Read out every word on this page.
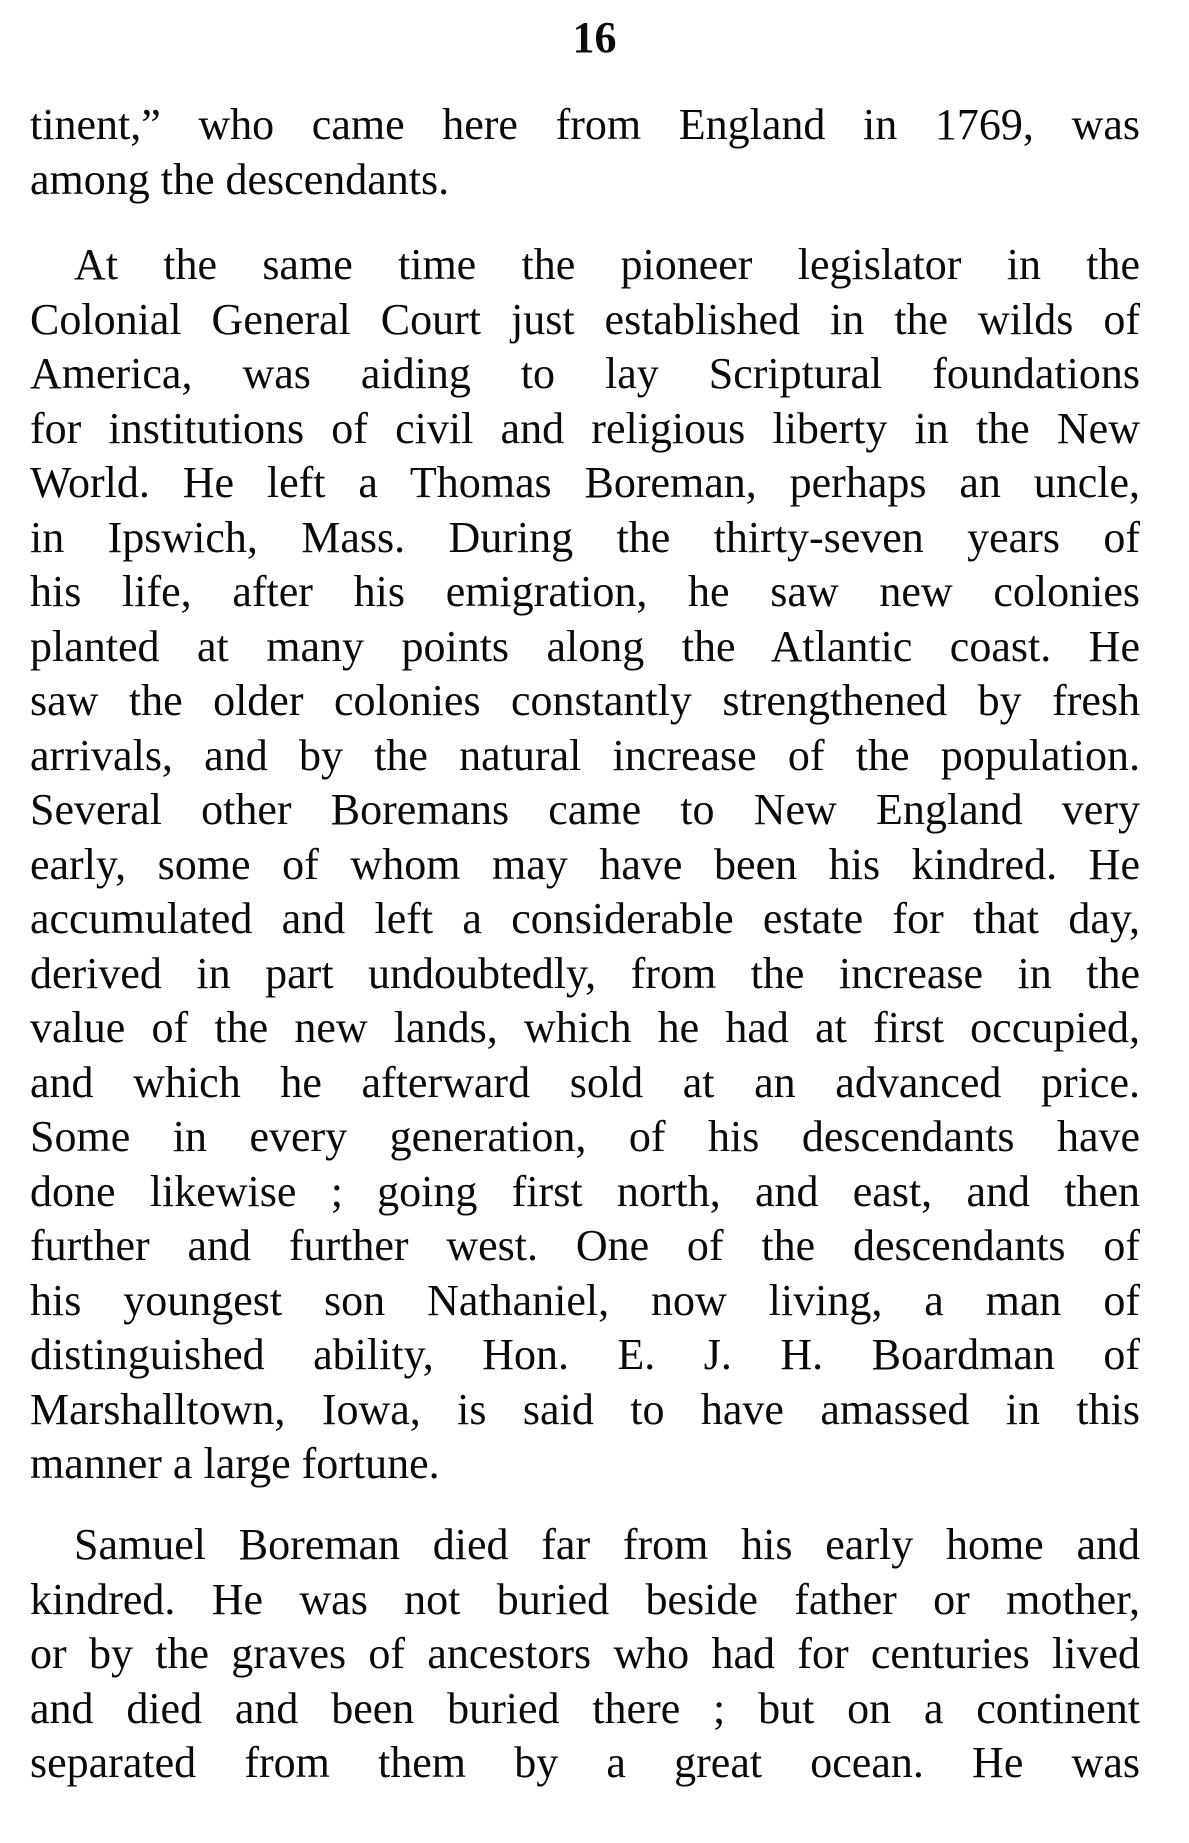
16
tinent,” who came here from England in 1769, was
among the descendants.
At the same time the pioneer legislator in the
Colonial General Court just established in the wilds of
America, was aiding to lay Scriptural foundations
for institutions of civil and religious liberty in the New
World. He left a Thomas Boreman, perhaps an uncle,
in Ipswich, Mass. During the thirty-seven years of
his life, after his emigration, he saw new colonies
planted at many points along the Atlantic coast. He
saw the older colonies constantly strengthened by fresh
arrivals, and by the natural increase of the population.
Several other Boremans came to New England very
early, some of whom may have been his kindred. He
accumulated and left a considerable estate for that day,
derived in part undoubtedly, from the increase in the
value of the new lands, which he had at first occupied,
and which he afterward sold at an advanced price.
Some in every generation, of his descendants have
done likewise ; going first north, and east, and then
further and further west. One of the descendants of
his youngest son Nathaniel, now living, a man of
distinguished ability, Hon. E. J. H. Boardman of
Marshalltown, Iowa, is said to have amassed in this
manner a large fortune.
Samuel Boreman died far from his early home and
kindred. He was not buried beside father or mother,
or by the graves of ancestors who had for centuries lived
and died and been buried there ; but on a continent
separated from them by a great ocean. He was
